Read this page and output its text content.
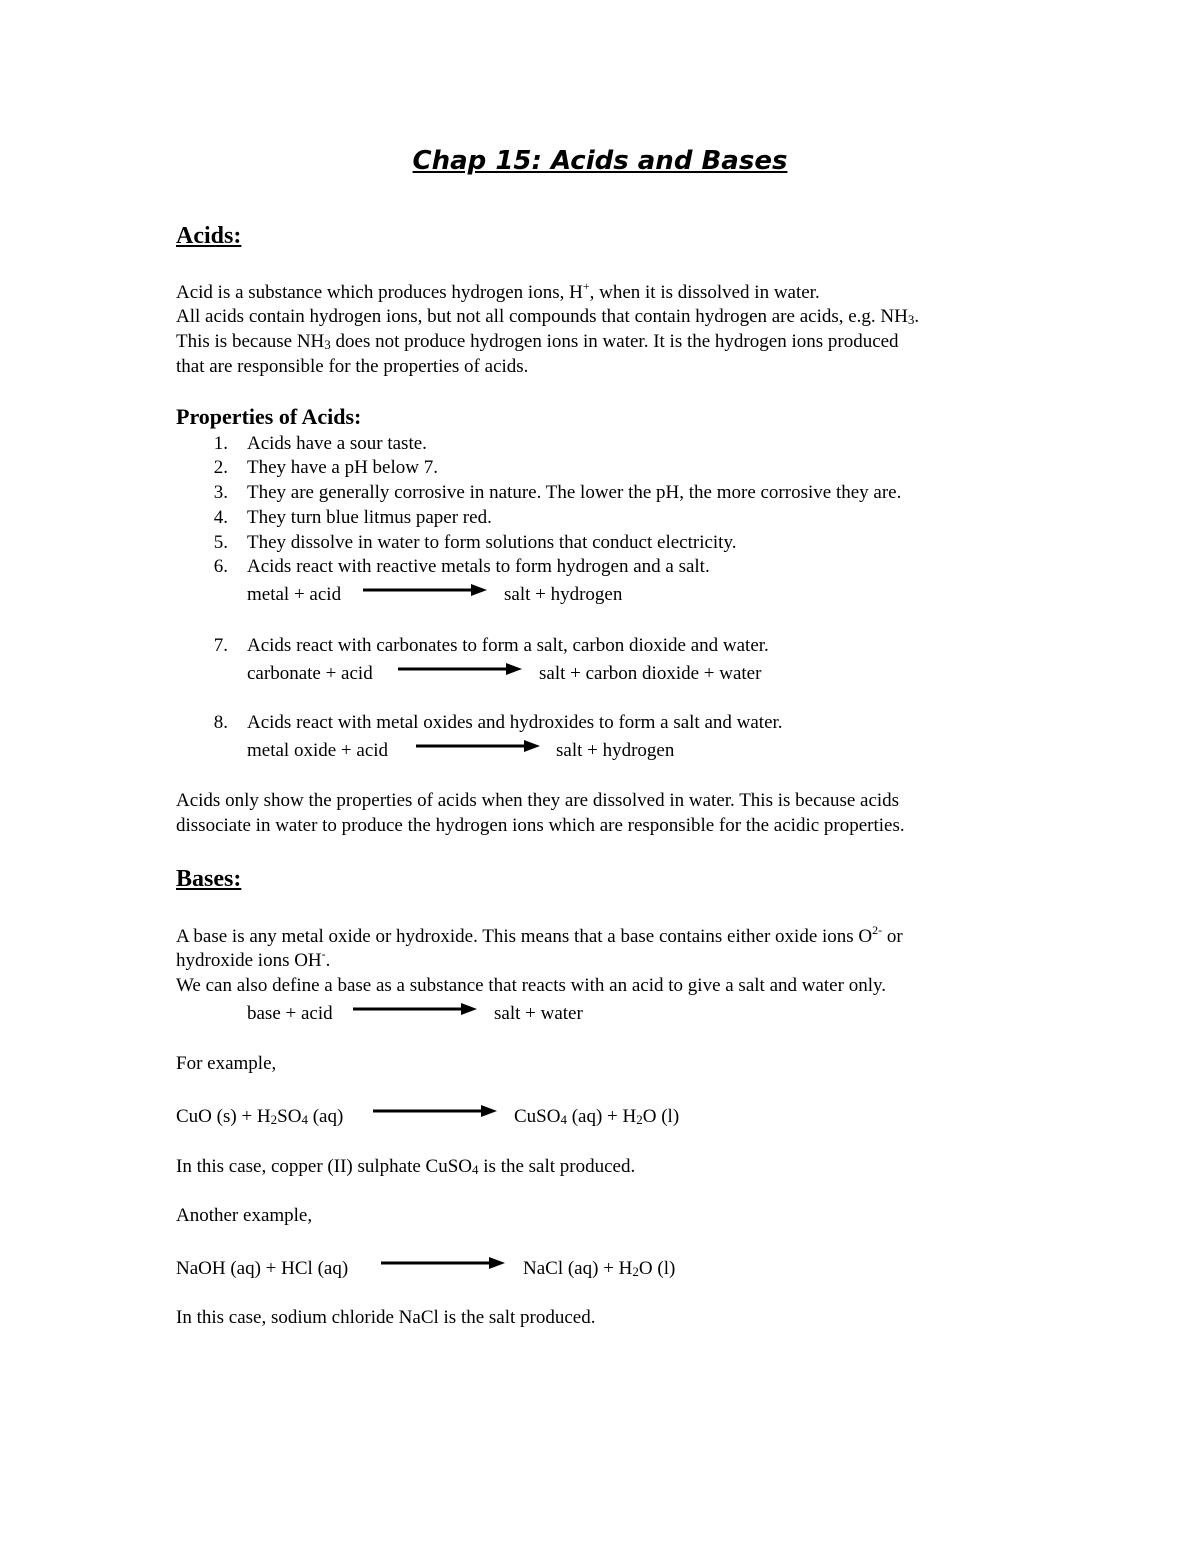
Chap 15: Acids and Bases
Acids:
Acid is a substance which produces hydrogen ions, H+, when it is dissolved in water.
All acids contain hydrogen ions, but not all compounds that contain hydrogen are acids, e.g. NH3.
This is because NH3 does not produce hydrogen ions in water. It is the hydrogen ions produced
that are responsible for the properties of acids.
Properties of Acids:
1. Acids have a sour taste.
2. They have a pH below 7.
3. They are generally corrosive in nature. The lower the pH, the more corrosive they are.
4. They turn blue litmus paper red.
5. They dissolve in water to form solutions that conduct electricity.
6. Acids react with reactive metals to form hydrogen and a salt.
metal + acid	salt + hydrogen
7. Acids react with carbonates to form a salt, carbon dioxide and water.
carbonate + acid	salt + carbon dioxide + water
8. Acids react with metal oxides and hydroxides to form a salt and water.
metal oxide + acid	salt + hydrogen
Acids only show the properties of acids when they are dissolved in water. This is because acids
dissociate in water to produce the hydrogen ions which are responsible for the acidic properties.
Bases:
A base is any metal oxide or hydroxide. This means that a base contains either oxide ions $O^{2-}$ or
hydroxide ions OH-.
We can also define a base as a substance that reacts with an acid to give a salt and water only.
base + acid	salt + water
For example,
CuO (s) + H2SO4 (aq)	CuSO4 (aq) + H2O (l)
In this case, copper (II) sulphate CuSO4 is the salt produced.
Another example,
NaOH (aq) + HCl (aq)	NaCl (aq) + H2O (l)
In this case, sodium chloride NaCl is the salt produced.
